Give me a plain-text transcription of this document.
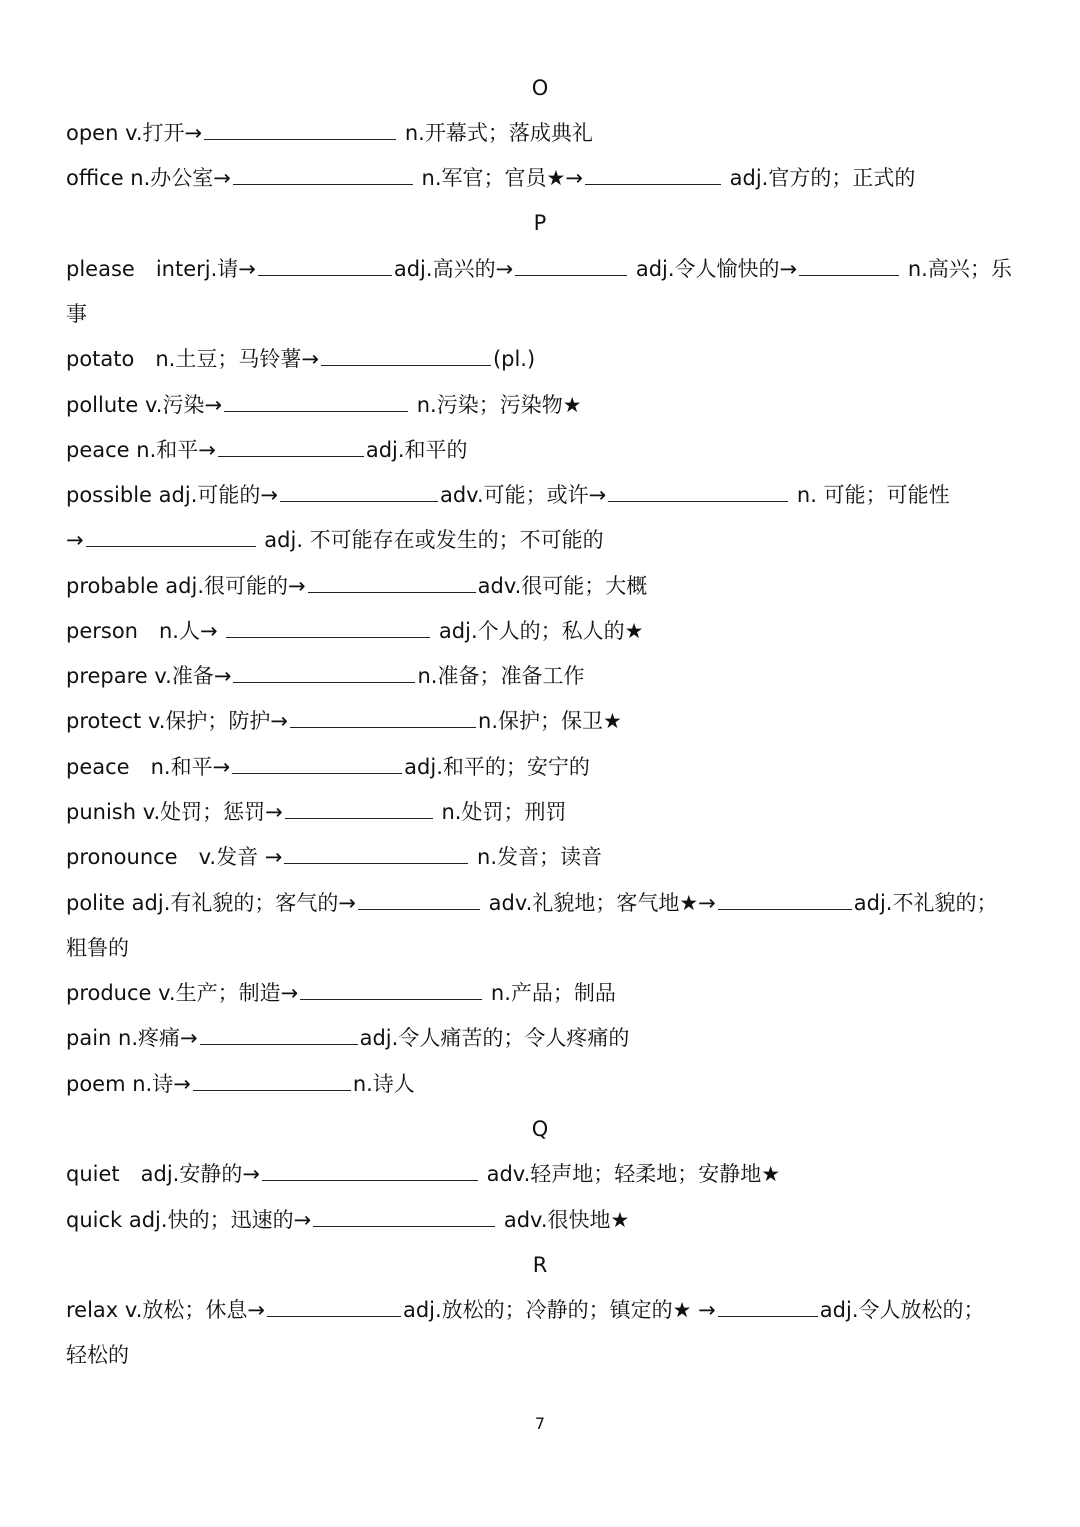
O
open v.打开→	n.开幕式；落成典礼
office n.办公室→	n.军官；官员★→	adj.官方的；正式的
P
please　interj.请→	adj.高兴的→	adj.令人愉快的→	n.高兴；乐
事
potato　n.土豆；马铃薯→	(pl.)
pollute v.污染→	n.污染；污染物★
peace n.和平→	adj.和平的
possible adj.可能的→	adv.可能；或许→	n. 可能；可能性
→	adj. 不可能存在或发生的；不可能的
probable adj.很可能的→	adv.很可能；大概
person　n.人→	adj.个人的；私人的★
prepare v.准备→	n.准备；准备工作
protect v.保护；防护→	n.保护；保卫★
peace　n.和平→	adj.和平的；安宁的
punish v.处罚；惩罚→	n.处罚；刑罚
pronounce　v.发音 →	n.发音；读音
polite adj.有礼貌的；客气的→	adv.礼貌地；客气地★→	adj.不礼貌的；
粗鲁的
produce v.生产；制造→	n.产品；制品
pain n.疼痛→	adj.令人痛苦的；令人疼痛的
poem n.诗→	n.诗人
Q
quiet　adj.安静的→	adv.轻声地；轻柔地；安静地★
quick adj.快的；迅速的→	adv.很快地★
R
relax v.放松；休息→	adj.放松的；冷静的；镇定的★ →	adj.令人放松的；
轻松的
7
